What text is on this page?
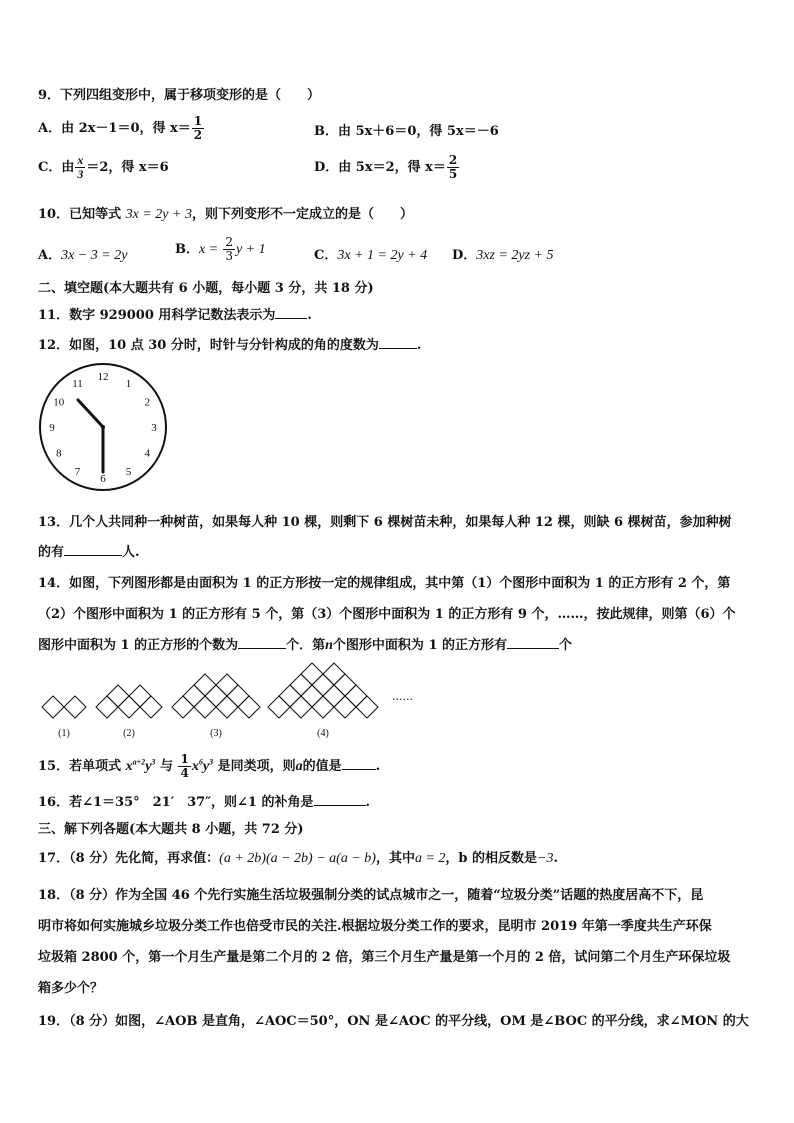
9．下列四组变形中，属于移项变形的是（　　）
A．由 2x－1＝0，得 $x= \frac{1}{2}$	B．由 5x＋6＝0，得 5x＝－6
C．由 $\frac{x}{3} =2$，得 x＝6	D．由 5x＝2，得 $x= \frac{2}{5}$
10．已知等式 3x = 2y + 3，则下列变形不一定成立的是（　　）
A．3x − 3 = 2y	B．$x = \frac{2}{3}$ y + 1	C．3x + 1 = 2y + 4 D．3xz = 2yz + 5
二、填空题(本大题共有 6 小题，每小题 3 分，共 18 分)
11．数字 929000 用科学记数法表示为 .
12．如图，10 点 30 分时，时针与分针构成的角的度数为	.
12
1
2
3
4
5
6
7
8
9
10
11
13．几个人共同种一种树苗，如果每人种 10 棵，则剩下 6 棵树苗未种，如果每人种 12 棵，则缺 6 棵树苗，参加种树
的有	人.
14．如图，下列图形都是由面积为 1 的正方形按一定的规律组成，其中第（1）个图形中面积为 1 的正方形有 2 个，第
（2）个图形中面积为 1 的正方形有 5 个，第（3）个图形中面积为 1 的正方形有 9 个，……，按此规律，则第（6）个
图形中面积为 1 的正方形的个数为	个．第n个图形中面积为 1 的正方形有	个
(1)	(2)	(3)	(4)
......
15．若单项式 $x^{a+2}y^3$ 与 $\frac{1}{4} x^6y^3$ 是同类项，则a的值是	.
16．若∠1＝35°　21′　37″，则∠1 的补角是	.
三、解下列各题(本大题共 8 小题，共 72 分)
17．（8 分）先化简，再求值：(a + 2b)(a − 2b) − a(a − b)，其中a = 2，b 的相反数是−3.
18．（8 分）作为全国 46 个先行实施生活垃圾强制分类的试点城市之一，随着“垃圾分类”话题的热度居高不下，昆
明市将如何实施城乡垃圾分类工作也倍受市民的关注.根据垃圾分类工作的要求，昆明市 2019 年第一季度共生产环保
垃圾箱 2800 个，第一个月生产量是第二个月的 2 倍，第三个月生产量是第一个月的 2 倍，试问第二个月生产环保垃圾
箱多少个？
19．（8 分）如图，∠AOB 是直角，∠AOC＝50°，ON 是∠AOC 的平分线，OM 是∠BOC 的平分线，求∠MON 的大
